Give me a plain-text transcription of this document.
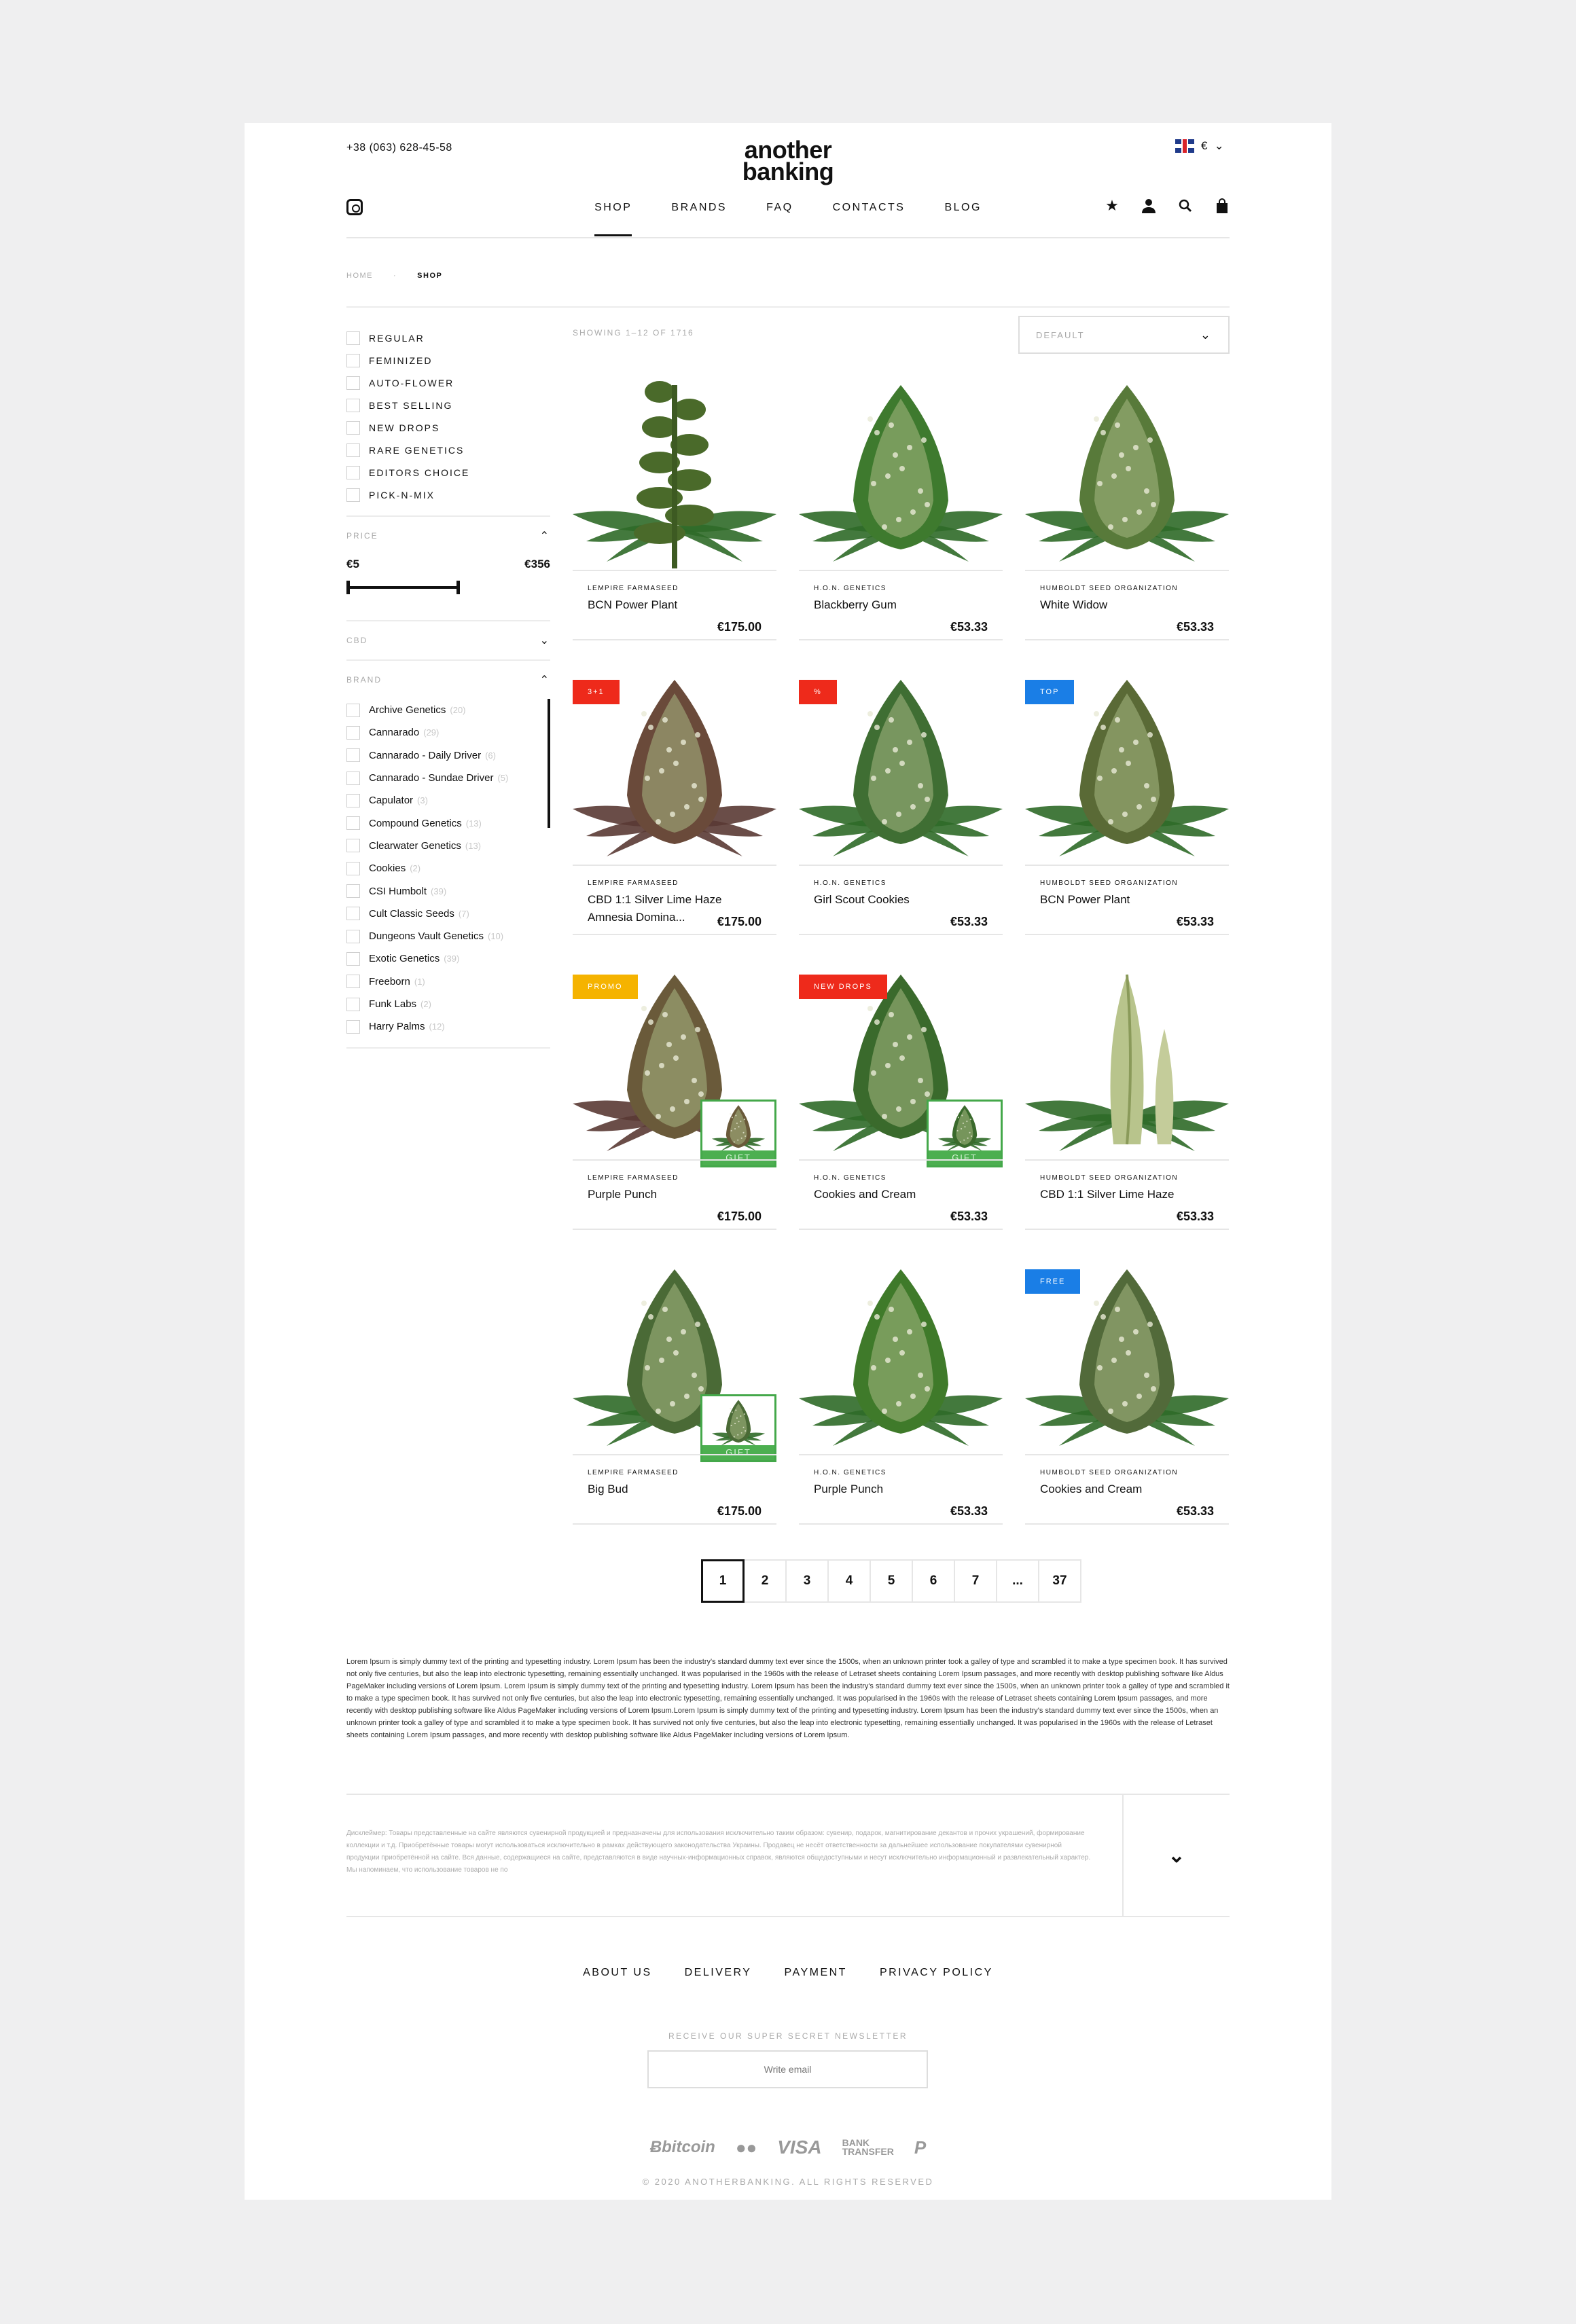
+38 (063) 628-45-58	another
banking
€ ⌄
SHOP	BRANDS	FAQ	CONTACTS	BLOG	★
HOME	·	SHOP
REGULAR
FEMINIZED
AUTO-FLOWER
BEST SELLING
NEW DROPS
RARE GENETICS
EDITORS CHOICE
PICK-N-MIX
PRICE	⌃
€5	€356
CBD	⌄
BRAND	⌃
Archive Genetics (20)
Cannarado (29)
Cannarado - Daily Driver (6)
Cannarado - Sundae Driver (5)
Capulator (3)
Compound Genetics (13)
Clearwater Genetics (13)
Cookies (2)
CSI Humbolt (39)
Cult Classic Seeds (7)
Dungeons Vault Genetics (10)
Exotic Genetics (39)
Freeborn (1)
Funk Labs (2)
Harry Palms (12)
SHOWING 1–12 OF 1716	DEFAULT	⌄
LEMPIRE FARMASEED
BCN Power Plant
€175.00
H.O.N. GENETICS
Blackberry Gum
€53.33
HUMBOLDT SEED ORGANIZATION
White Widow
€53.33
3+1
LEMPIRE FARMASEED
CBD 1:1 Silver Lime Haze
Amnesia Domina...	€175.00
%
H.O.N. GENETICS
Girl Scout Cookies
€53.33
TOP
HUMBOLDT SEED ORGANIZATION
BCN Power Plant
€53.33
PROMO
GIFT
LEMPIRE FARMASEED
Purple Punch
€175.00
NEW DROPS
GIFT
H.O.N. GENETICS
Cookies and Cream
€53.33
HUMBOLDT SEED ORGANIZATION
CBD 1:1 Silver Lime Haze
€53.33
GIFT
LEMPIRE FARMASEED
Big Bud
€175.00
H.O.N. GENETICS
Purple Punch
€53.33
FREE
HUMBOLDT SEED ORGANIZATION
Cookies and Cream
€53.33
1	2	3	4	5	6	7	...	37
Lorem Ipsum is simply dummy text of the printing and typesetting industry. Lorem Ipsum has been the industry's standard dummy text ever since the 1500s, when an unknown printer took a galley of type and scrambled it to make a type specimen book. It has survived not only five centuries, but also the leap into electronic typesetting, remaining essentially unchanged. It was popularised in the 1960s with the release of Letraset sheets containing Lorem Ipsum passages, and more recently with desktop publishing software like Aldus PageMaker including versions of Lorem Ipsum. Lorem Ipsum is simply dummy text of the printing and typesetting industry. Lorem Ipsum has been the industry's standard dummy text ever since the 1500s, when an unknown printer took a galley of type and scrambled it to make a type specimen book. It has survived not only five centuries, but also the leap into electronic typesetting, remaining essentially unchanged. It was popularised in the 1960s with the release of Letraset sheets containing Lorem Ipsum passages, and more recently with desktop publishing software like Aldus PageMaker including versions of Lorem Ipsum.Lorem Ipsum is simply dummy text of the printing and typesetting industry. Lorem Ipsum has been the industry's standard dummy text ever since the 1500s, when an unknown printer took a galley of type and scrambled it to make a type specimen book. It has survived not only five centuries, but also the leap into electronic typesetting, remaining essentially unchanged. It was popularised in the 1960s with the release of Letraset sheets containing Lorem Ipsum passages, and more recently with desktop publishing software like Aldus PageMaker including versions of Lorem Ipsum.
Дисклеймер: Товары представленные на сайте являются сувенирной продукцией и предназначены для использования исключительно таким образом: сувенир, подарок, магнитирование декантов и прочих украшений, формирование коллекции и т.д. Приобретённые товары могут использоваться исключительно в рамках действующего законодательства Украины. Продавец не несёт ответственности за дальнейшее использование покупателями сувенирной продукции приобретённой на сайте. Вся данные, содержащиеся на сайте, представляются в виде научных-информационных справок, являются общедоступными и несут исключительно информационный и развлекательный характер. Мы напоминаем, что использование товаров не по
⌄
ABOUT US	DELIVERY	PAYMENT	PRIVACY POLICY
RECEIVE OUR SUPER SECRET NEWSLETTER
Write email
Ƀbitcoin ●● VISA BANK
TRANSFER P
© 2020 ANOTHERBANKING. ALL RIGHTS RESERVED
